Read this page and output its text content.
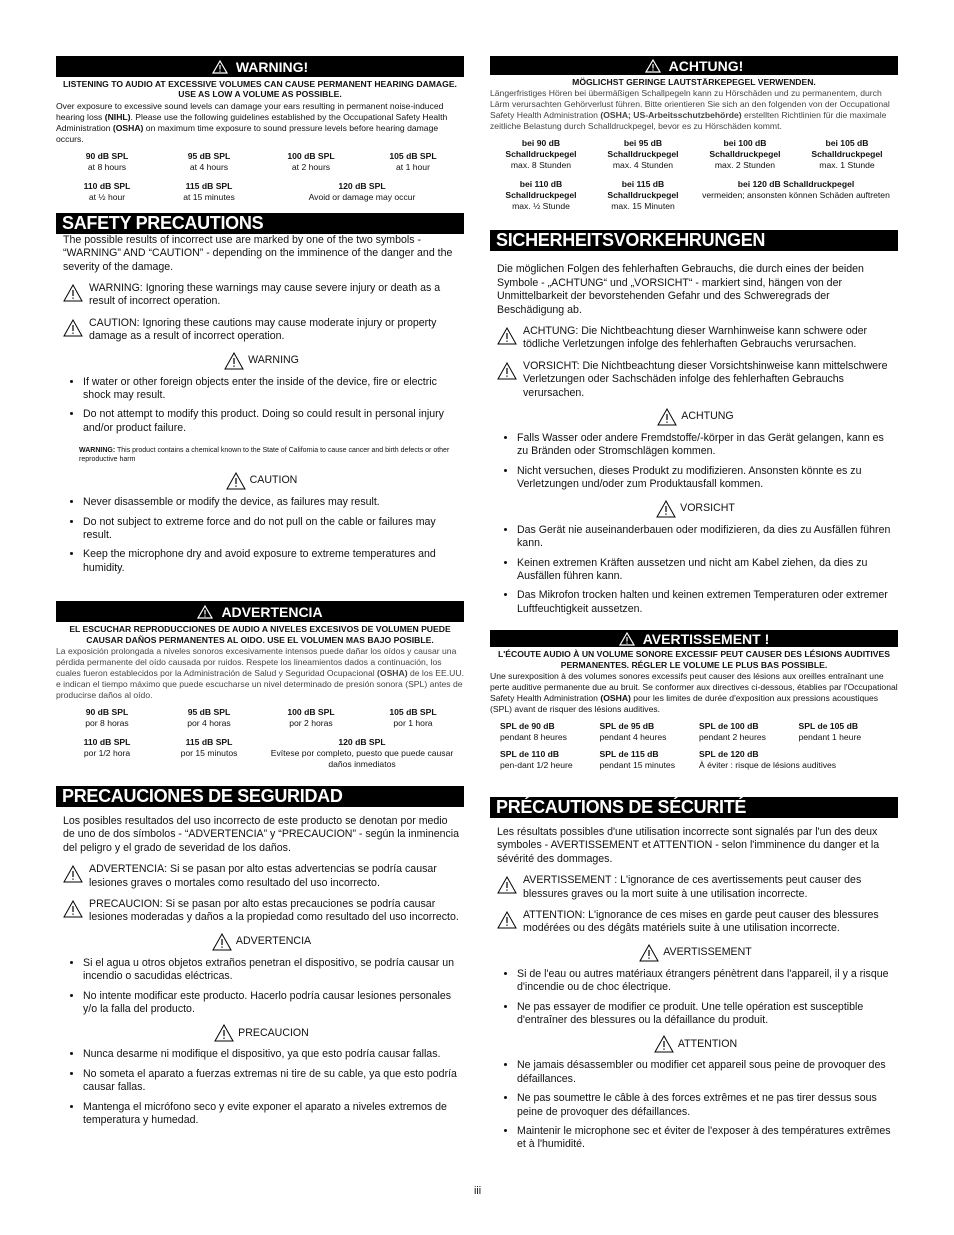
WARNING!
LISTENING TO AUDIO AT EXCESSIVE VOLUMES CAN CAUSE PERMANENT HEARING DAMAGE.
USE AS LOW A VOLUME AS POSSIBLE.
Over exposure to excessive sound levels can damage your ears resulting in permanent noise-induced hearing loss (NIHL). Please use the following guidelines established by the Occupational Safety Health Administration (OSHA) on maximum time exposure to sound pressure levels before hearing damage occurs.
90 dB SPL
at 8 hours
95 dB SPL
at 4 hours
100 dB SPL
at 2 hours
105 dB SPL
at 1 hour
110 dB SPL
at ½ hour
115 dB SPL
at 15 minutes
120 dB SPL
Avoid or damage may occur
SAFETY PRECAUTIONS

The possible results of incorrect use are marked by one of the two symbols - “WARNING” AND “CAUTION” - depending on the imminence of the danger and the severity of the damage.

WARNING: Ignoring these warnings may cause severe injury or death as a result of incorrect operation.
CAUTION: Ignoring these cautions may cause moderate injury or property damage as a result of incorrect operation.
WARNING
• If water or other foreign objects enter the inside of the device, fire or electric shock may result.
• Do not attempt to modify this product. Doing so could result in personal injury and/or product failure.
WARNING: This product contains a chemical known to the State of California to cause cancer and birth defects or other reproductive harm
CAUTION
• Never disassemble or modify the device, as failures may result.
• Do not subject to extreme force and do not pull on the cable or failures may result.
• Keep the microphone dry and avoid exposure to extreme temperatures and humidity.
ADVERTENCIA
EL ESCUCHAR REPRODUCCIONES DE AUDIO A NIVELES EXCESIVOS DE VOLUMEN PUEDE CAUSAR DAÑOS PERMANENTES AL OIDO. USE EL VOLUMEN MAS BAJO POSIBLE.
La exposición prolongada a niveles sonoros excesivamente intensos puede dañar los oídos y causar una pérdida permanente del oído causada por ruidos. Respete los lineamientos dados a continuación, los cuales fueron establecidos por la Administración de Salud y Seguridad Ocupacional (OSHA) de los EE.UU. e indican el tiempo máximo que puede escucharse un nivel determinado de presión sonora (SPL) antes de producirse daños al oído.
90 dB SPL
por 8 horas
95 dB SPL
por 4 horas
100 dB SPL
por 2 horas
105 dB SPL
por 1 hora
110 dB SPL
por 1/2 hora
115 dB SPL
por 15 minutos
120 dB SPL
Evítese por completo, puesto que puede causar daños inmediatos
PRECAUCIONES DE SEGURIDAD

Los posibles resultados del uso incorrecto de este producto se denotan por medio de uno de dos símbolos - “ADVERTENCIA” y “PRECAUCION” - según la inminencia del peligro y el grado de severidad de los daños.

ADVERTENCIA: Si se pasan por alto estas advertencias se podría causar lesiones graves o mortales como resultado del uso incorrecto.
PRECAUCION: Si se pasan por alto estas precauciones se podría causar lesiones moderadas y daños a la propiedad como resultado del uso incorrecto.
ADVERTENCIA
• Si el agua u otros objetos extraños penetran el dispositivo, se podría causar un incendio o sacudidas eléctricas.
• No intente modificar este producto. Hacerlo podría causar lesiones personales y/o la falla del producto.
PRECAUCION
• Nunca desarme ni modifique el dispositivo, ya que esto podría causar fallas.
• No someta el aparato a fuerzas extremas ni tire de su cable, ya que esto podría causar fallas.
• Mantenga el micrófono seco y evite exponer el aparato a niveles extremos de temperatura y humedad.
ACHTUNG!
MÖGLICHST GERINGE LAUTSTÄRKEPEGEL VERWENDEN.
Längerfristiges Hören bei übermäßigen Schallpegeln kann zu Hörschäden und zu permanentem, durch Lärm verursachten Gehörverlust führen. Bitte orientieren Sie sich an den folgenden von der Occupational Safety Health Administration (OSHA; US-Arbeitsschutzbehörde) erstellten Richtlinien für die maximale zeitliche Belastung durch Schalldruckpegel, bevor es zu Hörschäden kommt.
bei 90 dB Schalldruckpegel
max. 8 Stunden
bei 95 dB Schalldruckpegel
max. 4 Stunden
bei 100 dB Schalldruckpegel
max. 2 Stunden
bei 105 dB Schalldruckpegel
max. 1 Stunde
bei 110 dB Schalldruckpegel
max. ½ Stunde
bei 115 dB Schalldruckpegel
max. 15 Minuten
bei 120 dB Schalldruckpegel
vermeiden; ansonsten können Schäden auftreten
SICHERHEITSVORKEHRUNGEN

Die möglichen Folgen des fehlerhaften Gebrauchs, die durch eines der beiden Symbole - „ACHTUNG“ und „VORSICHT“ - markiert sind, hängen von der Unmittelbarkeit der bevorstehenden Gefahr und des Schweregrads der Beschädigung ab.

ACHTUNG: Die Nichtbeachtung dieser Warnhinweise kann schwere oder tödliche Verletzungen infolge des fehlerhaften Gebrauchs verursachen.
VORSICHT: Die Nichtbeachtung dieser Vorsichtshinweise kann mittelschwere Verletzungen oder Sachschäden infolge des fehlerhaften Gebrauchs verursachen.
ACHTUNG
• Falls Wasser oder andere Fremdstoffe/-körper in das Gerät gelangen, kann es zu Bränden oder Stromschlägen kommen.
• Nicht versuchen, dieses Produkt zu modifizieren. Ansonsten könnte es zu Verletzungen und/oder zum Produktausfall kommen.
VORSICHT
• Das Gerät nie auseinanderbauen oder modifizieren, da dies zu Ausfällen führen kann.
• Keinen extremen Kräften aussetzen und nicht am Kabel ziehen, da dies zu Ausfällen führen kann.
• Das Mikrofon trocken halten und keinen extremen Temperaturen oder extremer Luftfeuchtigkeit aussetzen.
AVERTISSEMENT !
L'ÉCOUTE AUDIO À UN VOLUME SONORE EXCESSIF PEUT CAUSER DES LÉSIONS AUDITIVES PERMANENTES. RÉGLER LE VOLUME LE PLUS BAS POSSIBLE.
Une surexposition à des volumes sonores excessifs peut causer des lésions aux oreilles entraînant une perte auditive permanente due au bruit. Se conformer aux directives ci-dessous, établies par l'Occupational Safety Health Administration (OSHA) pour les limites de durée d'exposition aux pressions acoustiques (SPL) avant de risquer des lésions auditives.
SPL de 90 dB
pendant 8 heures
SPL de 95 dB
pendant 4 heures
SPL de 100 dB
pendant 2 heures
SPL de 105 dB
pendant 1 heure
SPL de 110 dB
pen-dant 1/2 heure
SPL de 115 dB
pendant 15 minutes
SPL de 120 dB
À éviter : risque de lésions auditives
PRÉCAUTIONS DE SÉCURITÉ

Les résultats possibles d'une utilisation incorrecte sont signalés par l'un des deux symboles - AVERTISSEMENT et ATTENTION - selon l'imminence du danger et la sévérité des dommages.

AVERTISSEMENT : L'ignorance de ces avertissements peut causer des blessures graves ou la mort suite à une utilisation incorrecte.
ATTENTION: L'ignorance de ces mises en garde peut causer des blessures modérées ou des dégâts matériels suite à une utilisation incorrecte.
AVERTISSEMENT
• Si de l'eau ou autres matériaux étrangers pénètrent dans l'appareil, il y a risque d'incendie ou de choc électrique.
• Ne pas essayer de modifier ce produit. Une telle opération est susceptible d'entraîner des blessures ou la défaillance du produit.
ATTENTION
• Ne jamais désassembler ou modifier cet appareil sous peine de provoquer des défaillances.
• Ne pas soumettre le câble à des forces extrêmes et ne pas tirer dessus sous peine de provoquer des défaillances.
• Maintenir le microphone sec et éviter de l'exposer à des températures extrêmes et à l'humidité.
iii
